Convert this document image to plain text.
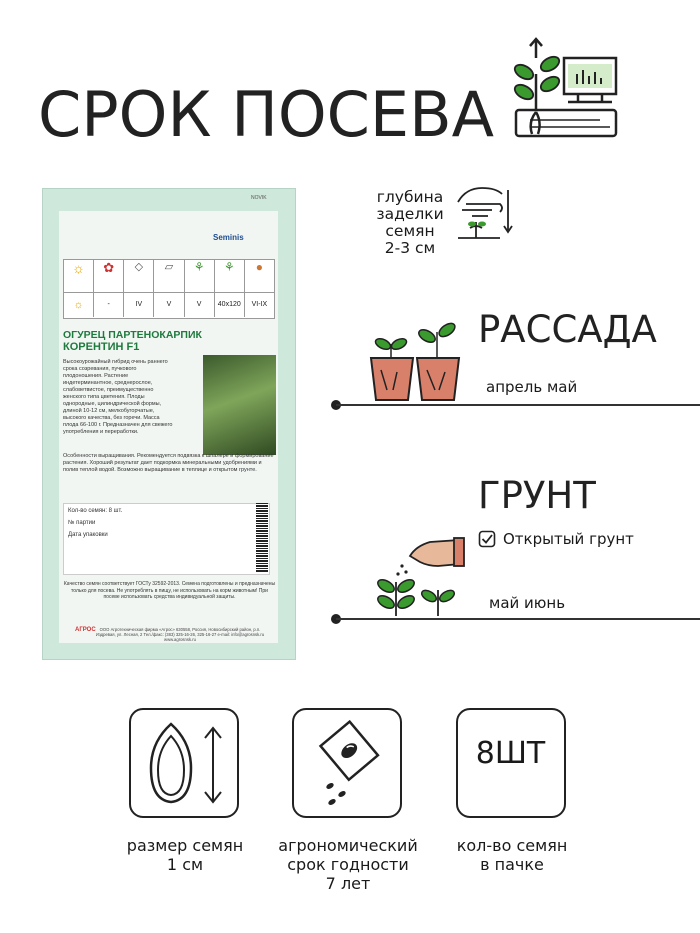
СРОК ПОСЕВА
NOVIK
Seminis
☼	✿	◇	▱	⚘	⚘	●
☼	-	IV	V	V	40x120	VI-IX
ОГУРЕЦ ПАРТЕНОКАРПИК
КОРЕНТИН F1
Высокоурожайный гибрид очень раннего срока созревания, пучкового плодоношения. Растение индетерминантное, среднерослое, слабоветвистое, преимущественно женского типа цветения. Плоды однородные, цилиндрической формы, длиной 10-12 см, мелкобугорчатые, высокого качества, без горечи. Масса плода 66-100 г. Предназначен для свежего употребления и переработки.
Особенности выращивания. Рекомендуется подвязка к шпалере и формирование растения. Хороший результат дает подкормка минеральными удобрениями и полив теплой водой. Возможно выращивание в теплице и открытом грунте.
Кол-во семян: 8 шт.
№ партии
Дата упаковки
Качество семян соответствует ГОСТу 32592-2013. Семена подготовлены и предназначены только для посева. Не употреблять в пищу, не использовать на корм животным! При посеве использовать средства индивидуальной защиты.
АГРОС ООО Агротехническая фирма «Агрос» 630558, Россия, Новосибирский район, р.п. Издревая, ул. Лесная, 2 Тел./факс: (383) 325-16-26, 325-16-27 e-mail: info@agrosnsk.ru www.agrosnsk.ru
глубина
заделки
семян
2-3 см
РАССАДА
апрель май
ГРУНТ
Открытый грунт
май июнь
8ШТ
размер семян
1 см
агрономический
срок годности
7 лет
кол-во семян
в пачке
